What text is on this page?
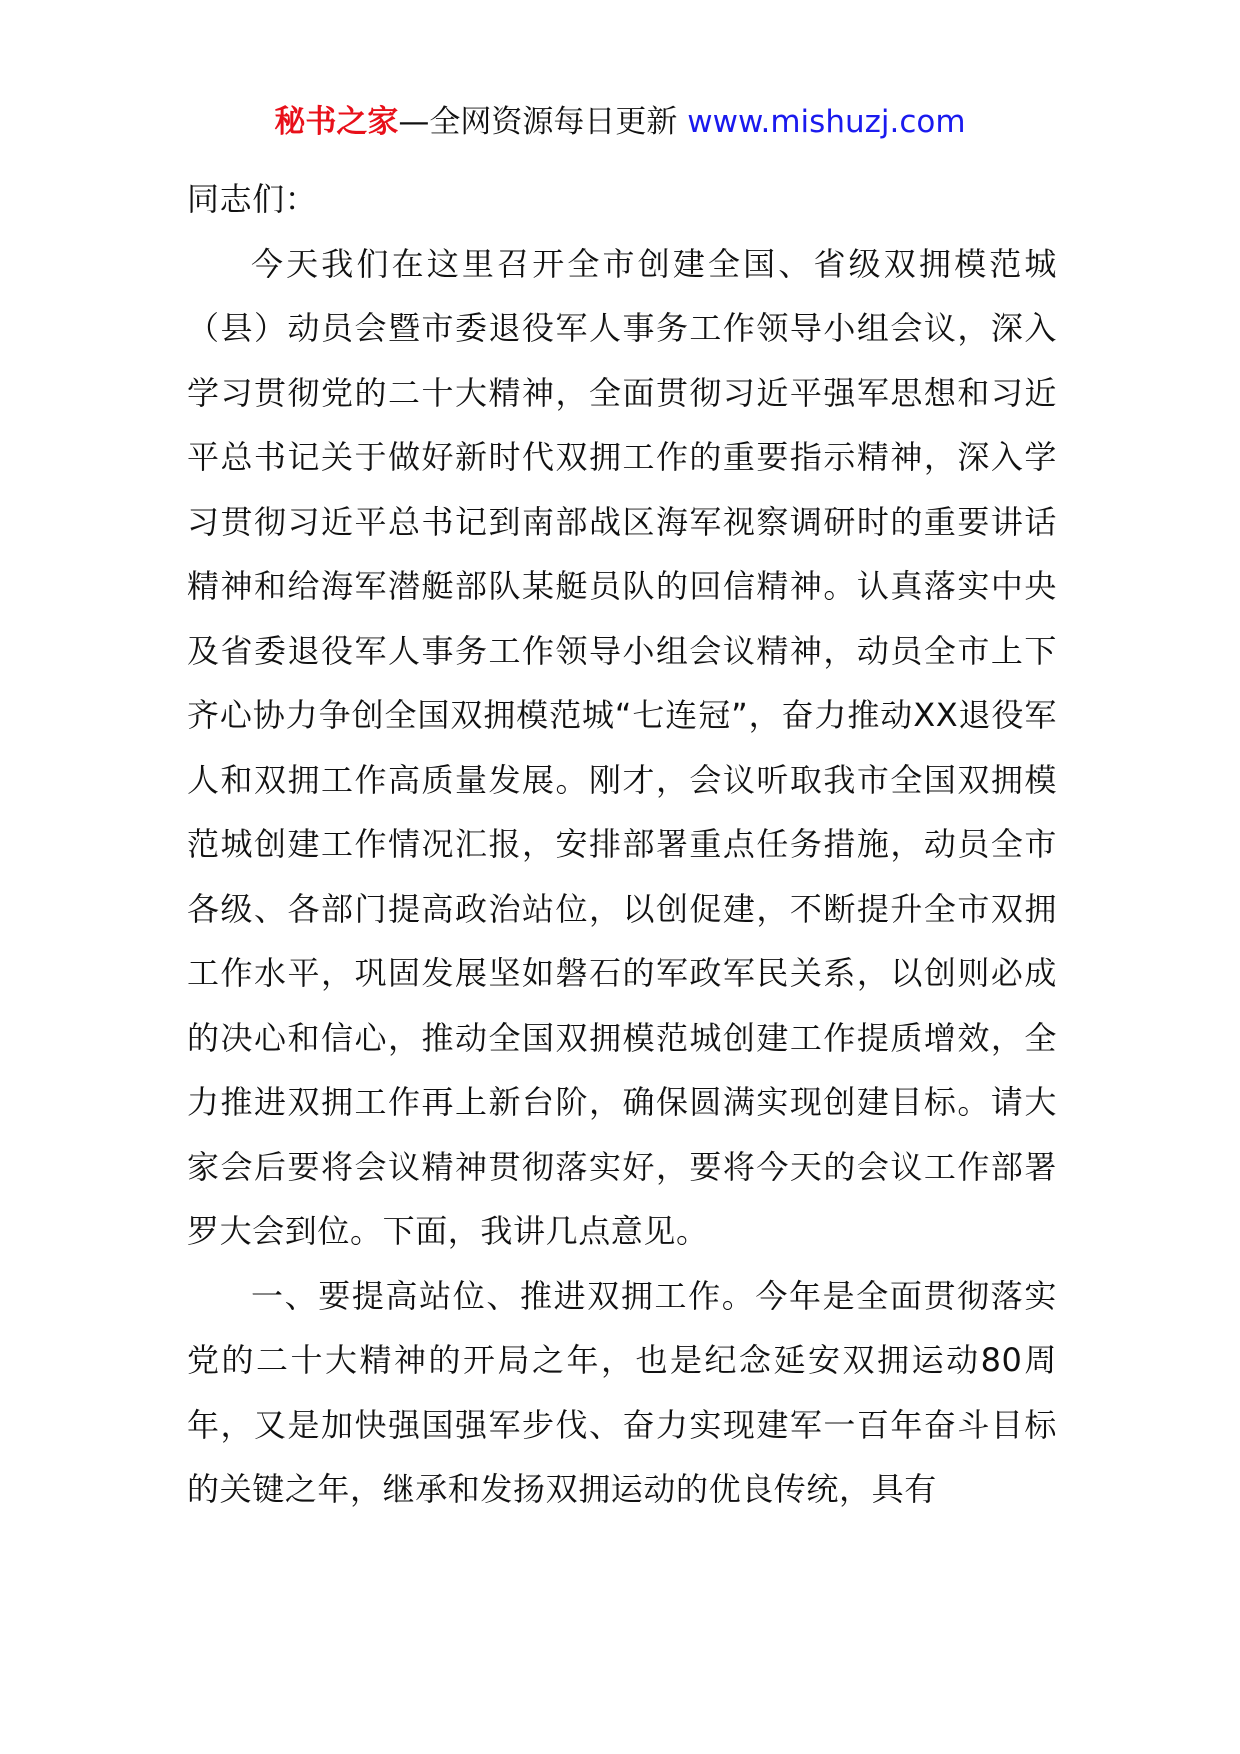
秘书之家—全网资源每日更新 www.mishuzj.com

同志们：

今天我们在这里召开全市创建全国、省级双拥模范城（县）动员会暨市委退役军人事务工作领导小组会议，深入学习贯彻党的二十大精神，全面贯彻习近平强军思想和习近平总书记关于做好新时代双拥工作的重要指示精神，深入学习贯彻习近平总书记到南部战区海军视察调研时的重要讲话精神和给海军潜艇部队某艇员队的回信精神。认真落实中央及省委退役军人事务工作领导小组会议精神，动员全市上下齐心协力争创全国双拥模范城“七连冠”，奋力推动XX退役军人和双拥工作高质量发展。刚才，会议听取我市全国双拥模范城创建工作情况汇报，安排部署重点任务措施，动员全市各级、各部门提高政治站位，以创促建，不断提升全市双拥工作水平，巩固发展坚如磐石的军政军民关系，以创则必成的决心和信心，推动全国双拥模范城创建工作提质增效，全力推进双拥工作再上新台阶，确保圆满实现创建目标。请大家会后要将会议精神贯彻落实好，要将今天的会议工作部署罗大会到位。下面，我讲几点意见。

一、要提高站位、推进双拥工作。今年是全面贯彻落实党的二十大精神的开局之年，也是纪念延安双拥运动80周年，又是加快强国强军步伐、奋力实现建军一百年奋斗目标的关键之年，继承和发扬双拥运动的优良传统，具有
